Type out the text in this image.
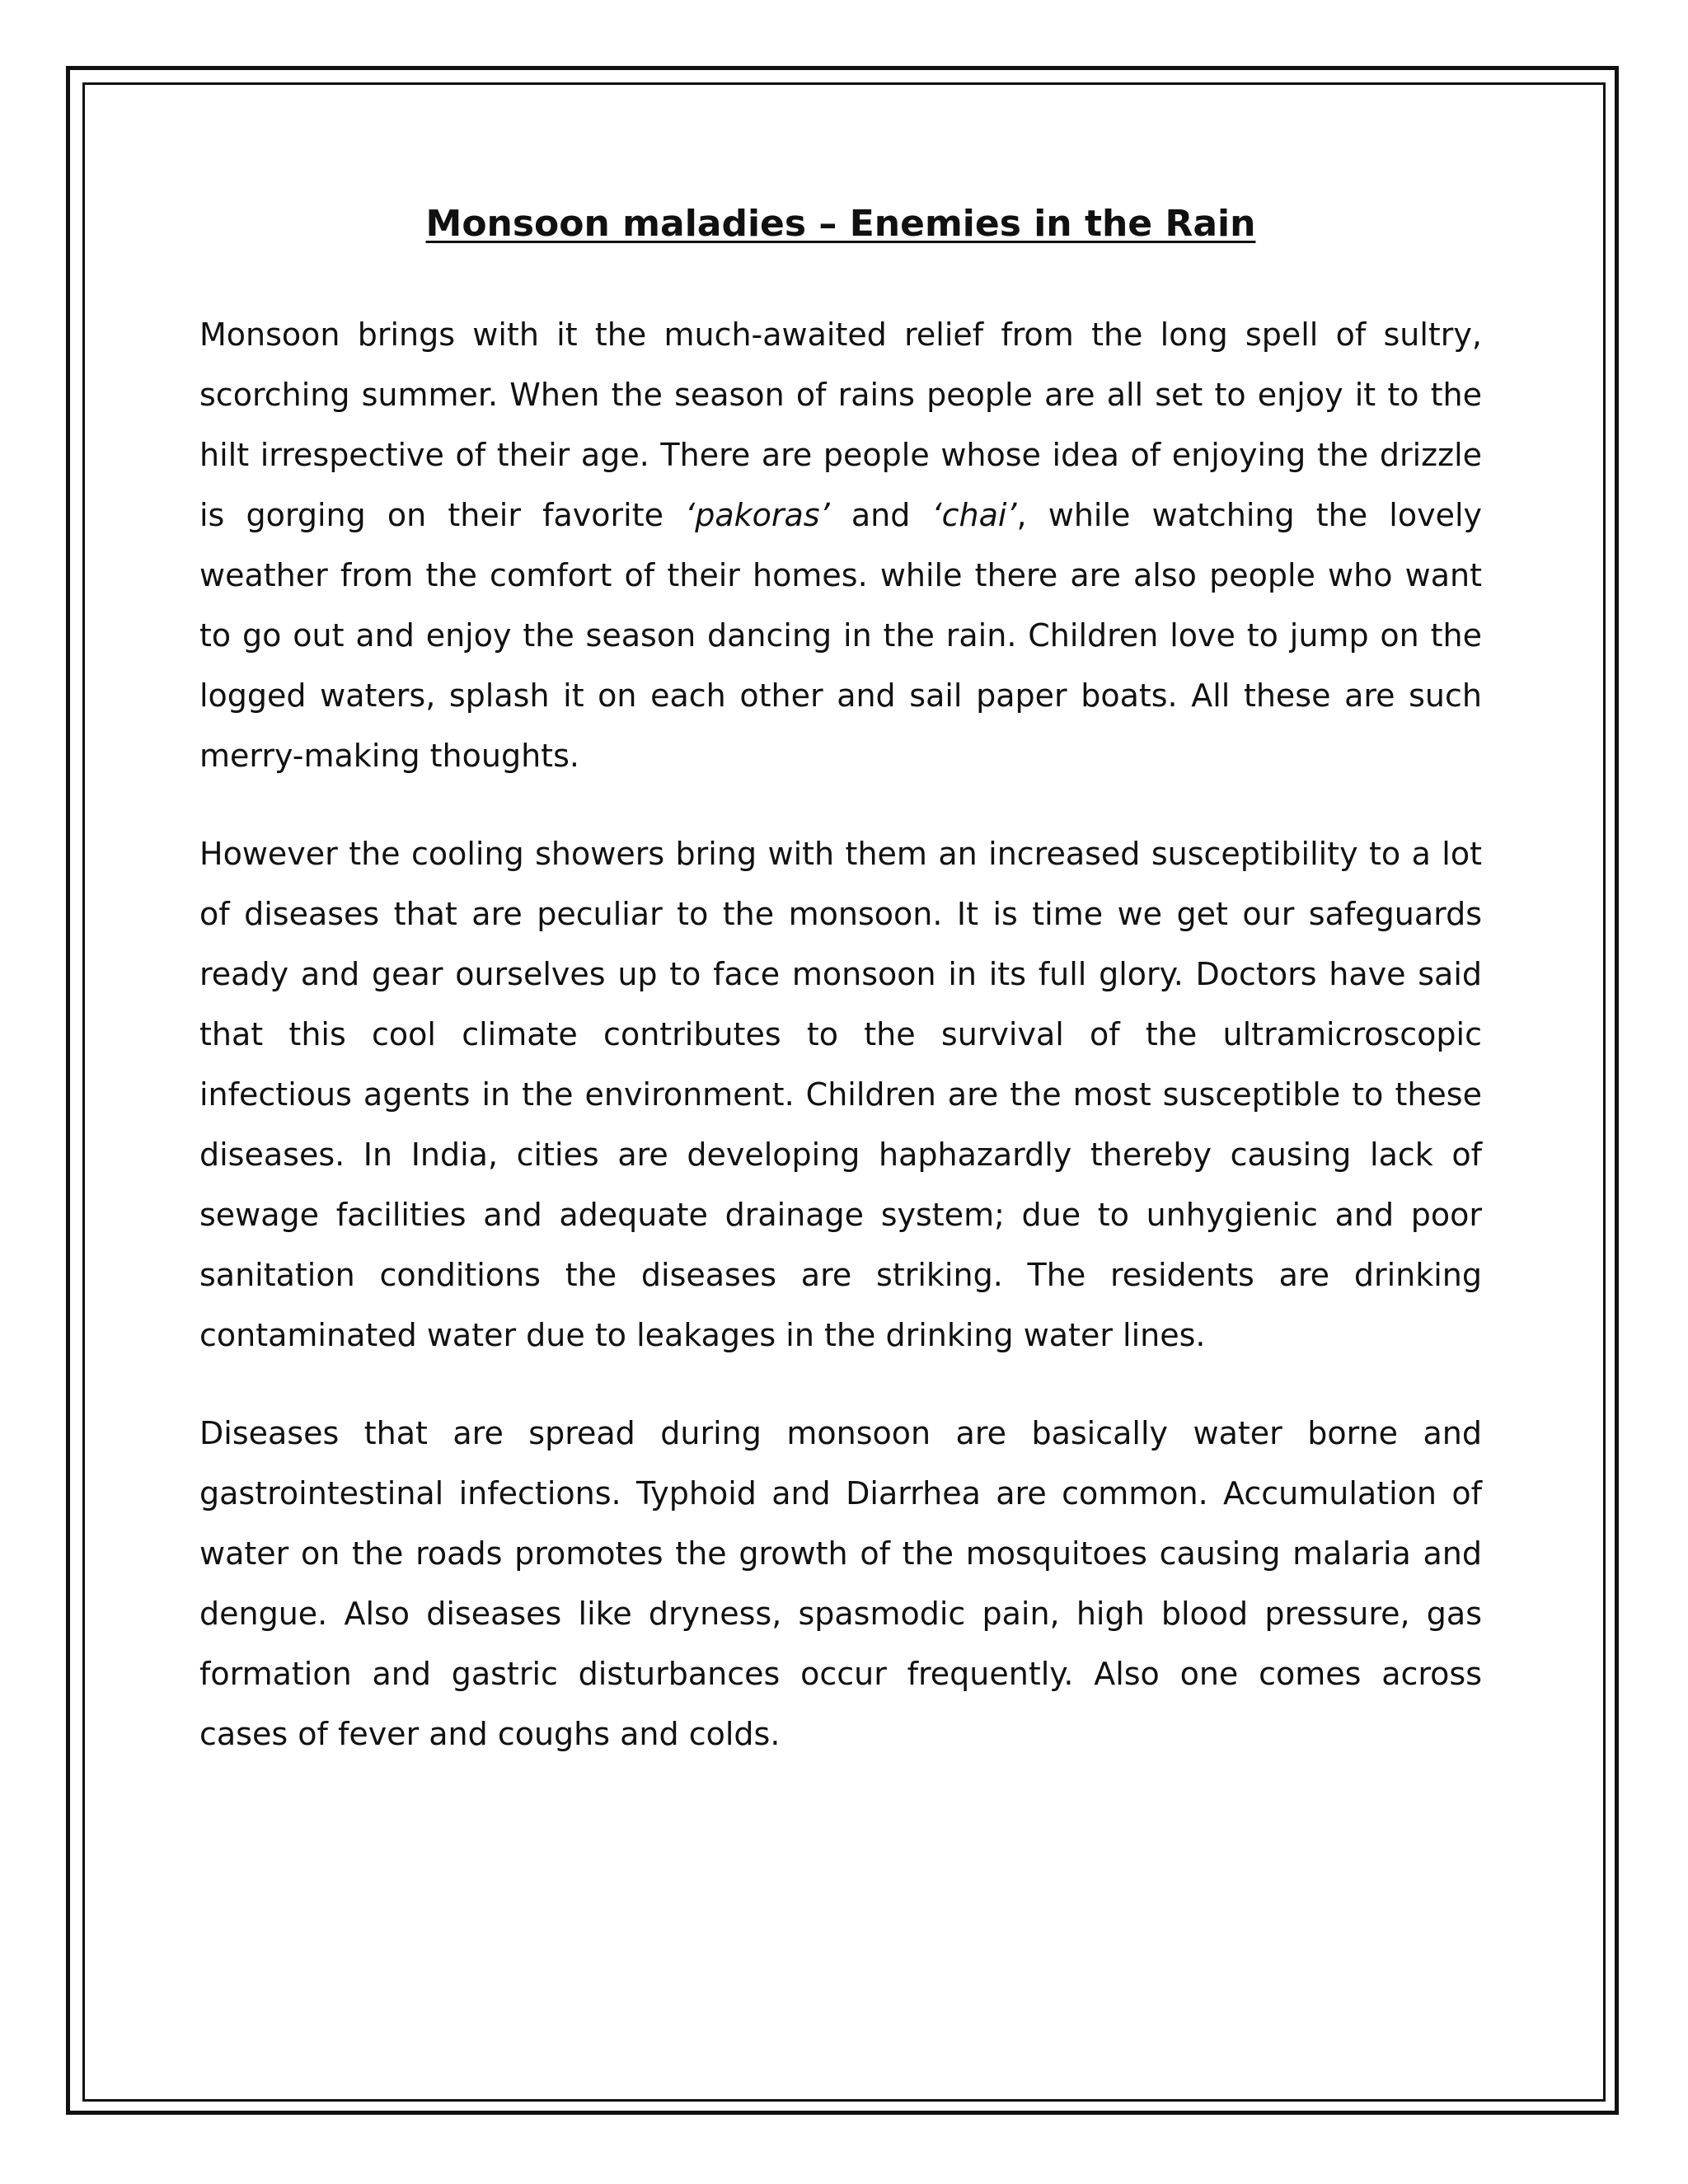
Monsoon maladies – Enemies in the Rain

Monsoon brings with it the much-awaited relief from the long spell of sultry, scorching summer. When the season of rains people are all set to enjoy it to the hilt irrespective of their age. There are people whose idea of enjoying the drizzle is gorging on their favorite ‘pakoras’ and ‘chai’, while watching the lovely weather from the comfort of their homes. while there are also people who want to go out and enjoy the season dancing in the rain. Children love to jump on the logged waters, splash it on each other and sail paper boats. All these are such merry-making thoughts.

However the cooling showers bring with them an increased susceptibility to a lot of diseases that are peculiar to the monsoon. It is time we get our safeguards ready and gear ourselves up to face monsoon in its full glory. Doctors have said that this cool climate contributes to the survival of the ultramicroscopic infectious agents in the environment. Children are the most susceptible to these diseases. In India, cities are developing haphazardly thereby causing lack of sewage facilities and adequate drainage system; due to unhygienic and poor sanitation conditions the diseases are striking. The residents are drinking contaminated water due to leakages in the drinking water lines.

Diseases that are spread during monsoon are basically water borne and gastrointestinal infections. Typhoid and Diarrhea are common. Accumulation of water on the roads promotes the growth of the mosquitoes causing malaria and dengue. Also diseases like dryness, spasmodic pain, high blood pressure, gas formation and gastric disturbances occur frequently. Also one comes across cases of fever and coughs and colds.
